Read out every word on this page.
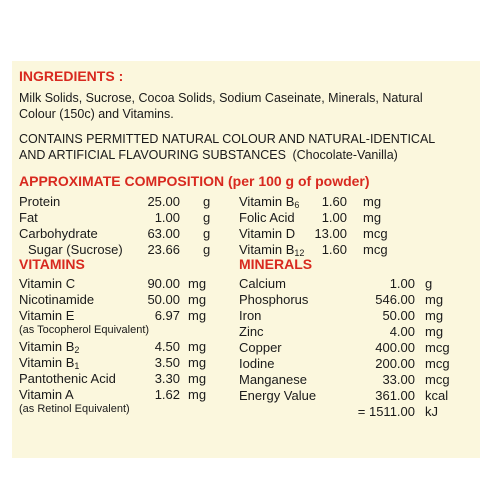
INGREDIENTS :
Milk Solids, Sucrose, Cocoa Solids, Sodium Caseinate, Minerals, Natural
Colour (150c) and Vitamins.
CONTAINS PERMITTED NATURAL COLOUR AND NATURAL-IDENTICAL
AND ARTIFICIAL FLAVOURING SUBSTANCES (Chocolate-Vanilla)
APPROXIMATE COMPOSITION (per 100 g of powder)
Protein	25.00 g
Fat	1.00 g
Carbohydrate	63.00 g
Sugar (Sucrose)	23.66 g
Vitamin $B_6$	1.60 mg
Folic Acid	1.00 mg
Vitamin D	13.00 mcg
Vitamin $B_{12}$	1.60 mcg
Vitamin C	90.00 mg
Nicotinamide	50.00 mg
Vitamin E	6.97 mg
(as Tocopherol Equivalent)
Vitamin $B_2$	4.50 mg
Vitamin $B_1$	3.50 mg
Pantothenic Acid	3.30 mg
Vitamin A	1.62 mg
(as Retinol Equivalent)
Calcium	1.00 g
Phosphorus	546.00 mg
Iron	50.00 mg
Zinc	4.00 mg
Copper	400.00 mcg
Iodine	200.00 mcg
Manganese	33.00 mcg
Energy Value	361.00 kcal
= 1511.00 kJ
VITAMINS	MINERALS
